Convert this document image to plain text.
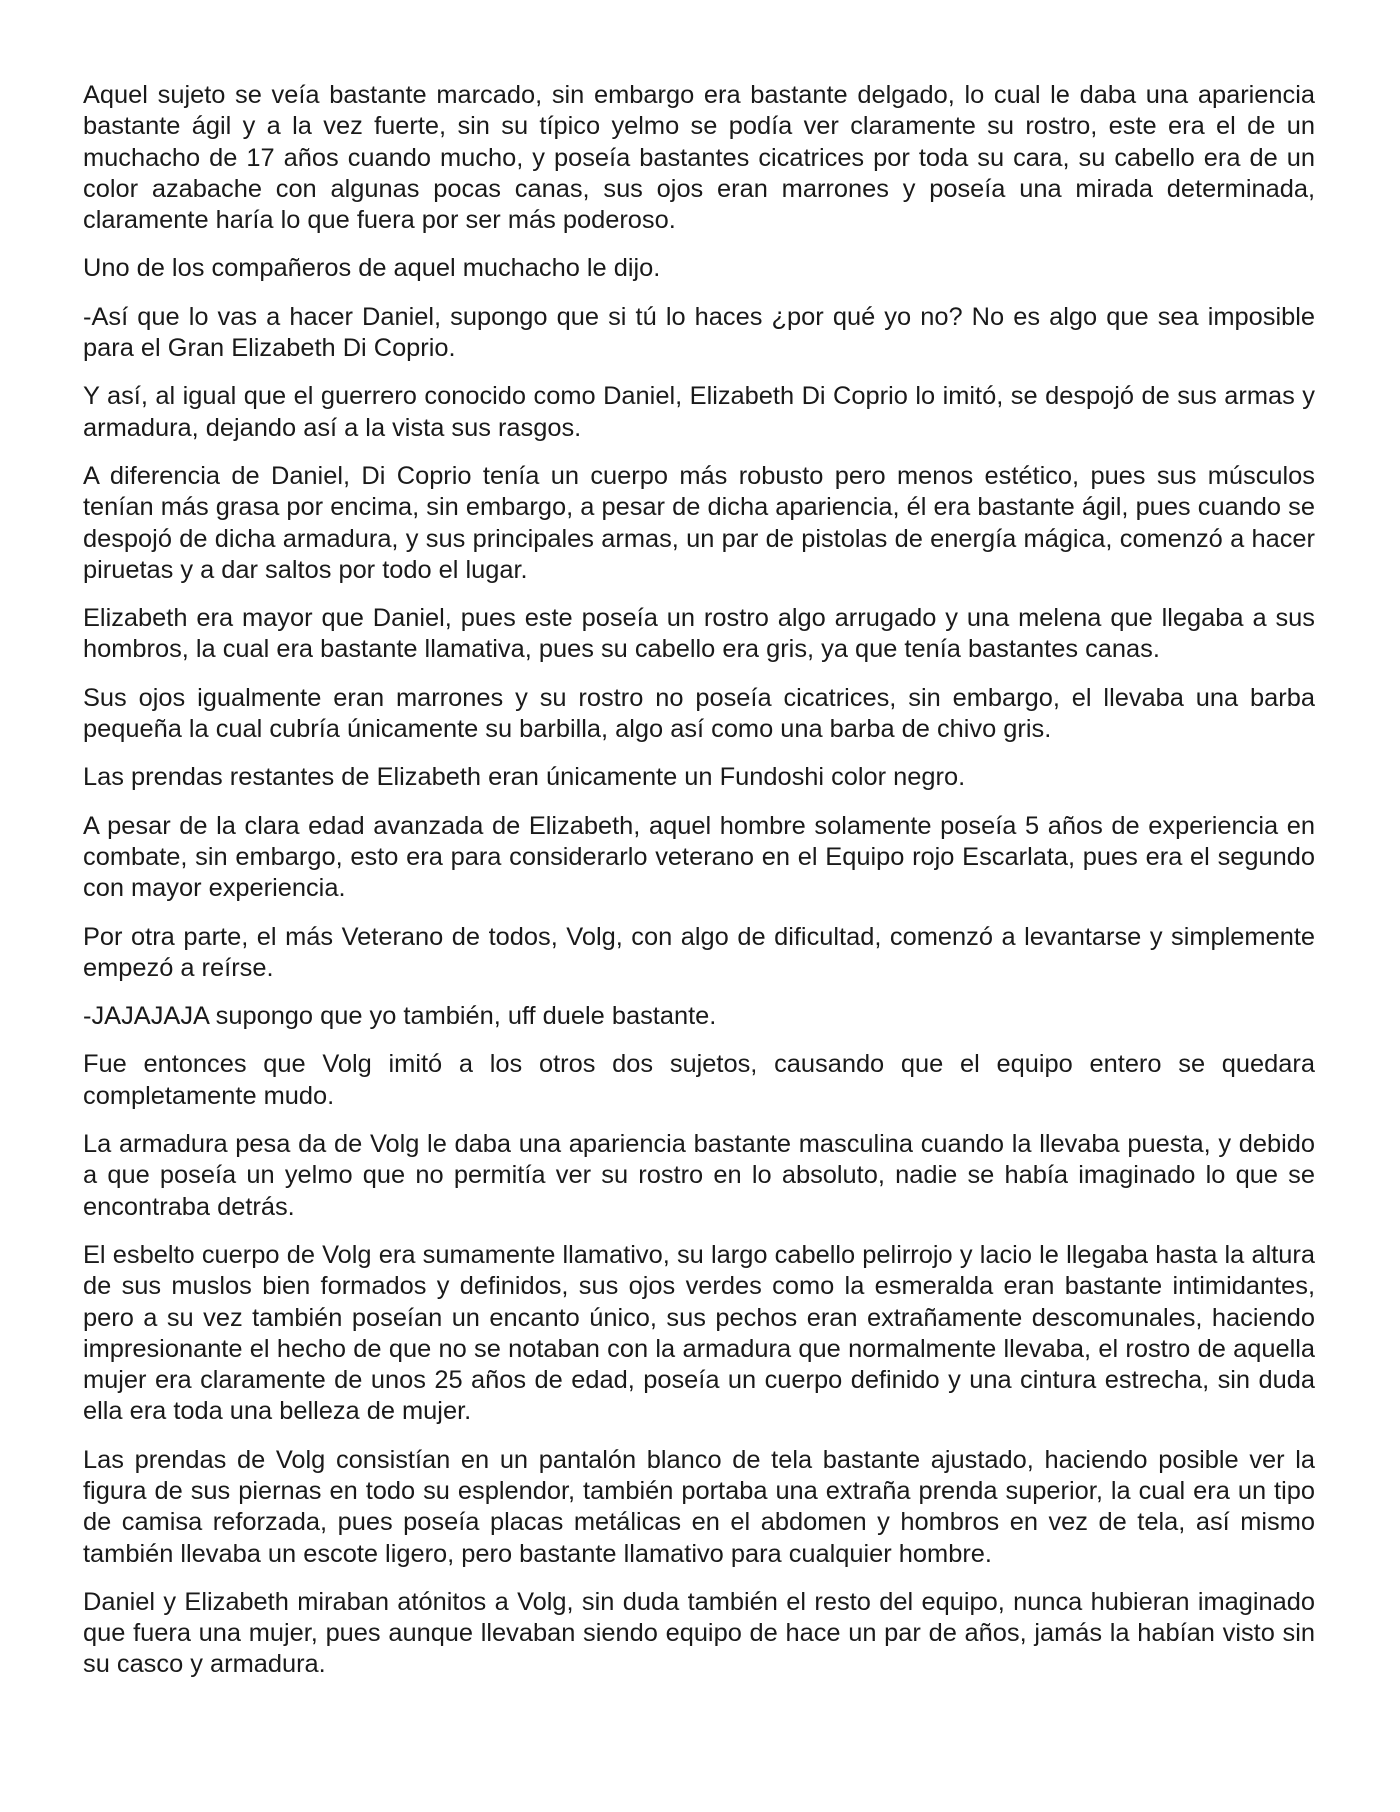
Aquel sujeto se veía bastante marcado, sin embargo era bastante delgado, lo cual le daba una apariencia bastante ágil y a la vez fuerte, sin su típico yelmo se podía ver claramente su rostro, este era el de un muchacho de 17 años cuando mucho, y poseía bastantes cicatrices por toda su cara, su cabello era de un color azabache con algunas pocas canas, sus ojos eran marrones y poseía una mirada determinada, claramente haría lo que fuera por ser más poderoso.

Uno de los compañeros de aquel muchacho le dijo.

-Así que lo vas a hacer Daniel, supongo que si tú lo haces ¿por qué yo no? No es algo que sea imposible para el Gran Elizabeth Di Coprio.

Y así, al igual que el guerrero conocido como Daniel, Elizabeth Di Coprio lo imitó, se despojó de sus armas y armadura, dejando así a la vista sus rasgos.

A diferencia de Daniel, Di Coprio tenía un cuerpo más robusto pero menos estético, pues sus músculos tenían más grasa por encima, sin embargo, a pesar de dicha apariencia, él era bastante ágil, pues cuando se despojó de dicha armadura, y sus principales armas, un par de pistolas de energía mágica, comenzó a hacer piruetas y a dar saltos por todo el lugar.

Elizabeth era mayor que Daniel, pues este poseía un rostro algo arrugado y una melena que llegaba a sus hombros, la cual era bastante llamativa, pues su cabello era gris, ya que tenía bastantes canas.

Sus ojos igualmente eran marrones y su rostro no poseía cicatrices, sin embargo, el llevaba una barba pequeña la cual cubría únicamente su barbilla, algo así como una barba de chivo gris.

Las prendas restantes de Elizabeth eran únicamente un Fundoshi color negro.

A pesar de la clara edad avanzada de Elizabeth, aquel hombre solamente poseía 5 años de experiencia en combate, sin embargo, esto era para considerarlo veterano en el Equipo rojo Escarlata, pues era el segundo con mayor experiencia.

Por otra parte, el más Veterano de todos, Volg, con algo de dificultad, comenzó a levantarse y simplemente empezó a reírse.

-JAJAJAJA supongo que yo también, uff duele bastante.

Fue entonces que Volg imitó a los otros dos sujetos, causando que el equipo entero se quedara completamente mudo.

La armadura pesa da de Volg le daba una apariencia bastante masculina cuando la llevaba puesta, y debido a que poseía un yelmo que no permitía ver su rostro en lo absoluto, nadie se había imaginado lo que se encontraba detrás.

El esbelto cuerpo de Volg era sumamente llamativo, su largo cabello pelirrojo y lacio le llegaba hasta la altura de sus muslos bien formados y definidos, sus ojos verdes como la esmeralda eran bastante intimidantes, pero a su vez también poseían un encanto único, sus pechos eran extrañamente descomunales, haciendo impresionante el hecho de que no se notaban con la armadura que normalmente llevaba, el rostro de aquella mujer era claramente de unos 25 años de edad, poseía un cuerpo definido y una cintura estrecha, sin duda ella era toda una belleza de mujer.

Las prendas de Volg consistían en un pantalón blanco de tela bastante ajustado, haciendo posible ver la figura de sus piernas en todo su esplendor, también portaba una extraña prenda superior, la cual era un tipo de camisa reforzada, pues poseía placas metálicas en el abdomen y hombros en vez de tela, así mismo también llevaba un escote ligero, pero bastante llamativo para cualquier hombre.

Daniel y Elizabeth miraban atónitos a Volg, sin duda también el resto del equipo, nunca hubieran imaginado que fuera una mujer, pues aunque llevaban siendo equipo de hace un par de años, jamás la habían visto sin su casco y armadura.
